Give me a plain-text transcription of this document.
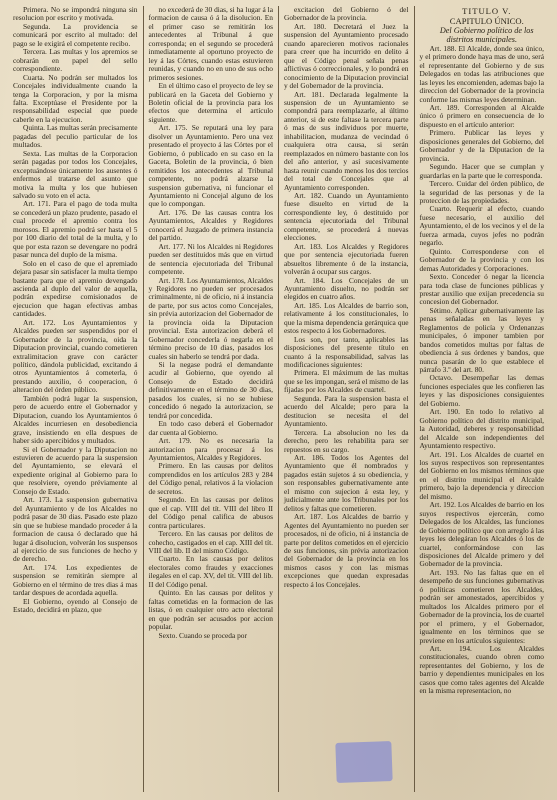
Primera. No se impondrá ninguna sin resolucion por escrito y motivada.

Segunda. La providencia se comunicará por escrito al multado: del pago se le exigirá el competente recibo.

Tercera. Las multas y los apremios se cobrarán en papel del sello correspondiente.

Cuarta. No podrán ser multados los Concejales individualmente cuando la tenga la Corporacion, y por la misma falta. Exceptúase el Presidente por la responsabilidad especial que puede caberle en la ejecucion.

Quinta. Las multas serán precisamente pagadas del peculio particular de los multados.

Sexta. Las multas de la Corporacion serán pagadas por todos los Concejales, exceptuándose únicamente los ausentes ó enfermos al tratarse del asunto que motiva la multa y los que hubiesen salvado su voto en el acta.

Art. 171. Para el pago de toda multa se concederá un plazo prudente, pasado el cual procede el apremio contra los morosos. El apremio podrá ser hasta el 5 por 100 diario del total de la multa, y lo que por esta razon se devengare no podrá pasar nunca del duplo de la misma.

Solo en el caso de que el apremiado dejara pasar sin satisfacer la multa tiempo bastante para que el apremio devengado ascienda al duplo del valor de aquella, podrán expedirse comisionados de ejecucion que hagan efectivas ambas cantidades.

Art. 172. Los Ayuntamientos y Alcaldes pueden ser suspendidos por el Gobernador de la provincia, oida la Diputacion provincial, cuando cometieren extralimitacion grave con carácter político, dándola publicidad, excitando á otros Ayuntamientos á cometerla, ó prestando auxilio, ó cooperacion, ó alteracion del órden público.

También podrá lugar la suspension, pero de acuerdo entre el Gobernador y Diputacion, cuando los Ayuntamientos ó Alcaldes incurriesen en desobediencia grave, insistiendo en ella despues de haber sido apercibidos y multados.

Si el Gobernador y la Diputacion no estuvieren de acuerdo para la suspension del Ayuntamiento, se elevará el expediente original al Gobierno para lo que resolviere, oyendo préviamente al Consejo de Estado.

Art. 173. La suspension gubernativa del Ayuntamiento y de los Alcaldes no podrá pasar de 30 dias. Pasado este plazo sin que se hubiese mandado proceder á la formacion de causa ó declarado que há lugar á disolucion, volverán los suspensos al ejercicio de sus funciones de hecho y de derecho.

Art. 174. Los expedientes de suspension se remitirán siempre al Gobierno en el término de tres dias á mas tardar despues de acordada aquella.

El Gobierno, oyendo al Consejo de Estado, decidirá en plazo, que

no excederá de 30 dias, si ha lugar á la formacion de causa ó á la disolucion. En el primer caso se remitirán los antecedentes al Tribunal á que corresponda; en el segundo se procederá inmediatamente al oportuno proyecto de ley á las Córtes, cuando estas estuvieren reunidas, y cuando no en uno de sus ocho primeros sesiones.

En el último caso el proyecto de ley se publicará en la Gaceta del Gobierno y Boletin oficial de la provincia para los efectos que determina el artículo siguiente.

Art. 175. Se reputará una ley para disolver un Ayuntamiento. Pero una vez presentado el proyecto á las Córtes por el Gobierno, ó publicado en su caso en la Gaceta, Boletin de la provincia, ó bien remitidos los antecedentes al Tribunal competente, no podrá alzarse la suspension gubernativa, ni funcionar el Ayuntamiento ni Concejal alguno de los que lo compongan.

Art. 176. De las causas contra los Ayuntamientos, Alcaldes y Regidores conocerá el Juzgado de primera instancia del partido.

Art. 177. Ni los Alcaldes ni Regidores pueden ser destituidos más que en virtud de sentencia ejecutoriada del Tribunal competente.

Art. 178. Los Ayuntamientos, Alcaldes y Regidores no pueden ser procesados criminalmente, ni de oficio, ni á instancia de parte, por sus actos como Concejales, sin prévia autorizacion del Gobernador de la provincia oida la Diputacion provincial. Esta autorizacion deberá el Gobernador concederla ó negarla en el término preciso de 10 dias, pasados los cuales sin haberlo se tendrá por dada.

Si la negase podrá el demandante acudir al Gobierno, que oyendo al Consejo de Estado decidirá definitivamente en el término de 30 dias, pasados los cuales, si no se hubiese concedido ó negado la autorizacion, se tendrá por concedida.

En todo caso deberá el Gobernador dar cuenta al Gobierno.

Art. 179. No es necesaria la autorizacion para procesar á los Ayuntamientos, Alcaldes y Regidores.

Primero. En las causas por delitos comprendidos en los artículos 283 y 284 del Código penal, relativos á la violacion de secretos.

Segundo. En las causas por delitos que el cap. VIII del tít. VIII del libro II del Código penal califica de abusos contra particulares.

Tercero. En las causas por delitos de cohecho, castigados en el cap. XIII del tít. VIII del lib. II del mismo Código.

Cuarto. En las causas por delitos electorales como fraudes y exacciones ilegales en el cap. XV, del tít. VIII del lib. II del Código penal.

Quinto. En las causas por delitos y faltas cometidas en la formacion de las listas, ó en cualquier otro acto electoral en que podrán ser acusados por accion popular.

Sexto. Cuando se proceda por

excitacion del Gobierno ó del Gobernador de la provincia.

Art. 180. Decretará el Juez la suspension del Ayuntamiento procesado cuando aparecieren motivos racionales para creer que ha incurrido en delito á que el Código penal señala penas aflictivas ó correccionales, y lo pondrá en conocimiento de la Diputacion provincial y del Gobernador de la provincia.

Art. 181. Declarada legalmente la suspension de un Ayuntamiento se compondrá para reemplazarle, al último anterior, si de este faltase la tercera parte ó mas de sus individuos por muerte, inhabilitacion, mudanza de vecindad ó cualquiera otra causa, si serán reemplazados en número bastante con los del año anterior, y así sucesivamente hasta reunir cuando menos los dos tercios del total de Concejales que al Ayuntamiento corresponden.

Art. 182. Cuando un Ayuntamiento fuese disuelto en virtud de la correspondiente ley, ó destituido por sentencia ejecutoriada del Tribunal competente, se procederá á nuevas elecciones.

Art. 183. Los Alcaldes y Regidores que por sentencia ejecutoriada fueren absueltos libremente ó de la instancia, volverán á ocupar sus cargos.

Art. 184. Los Concejales de un Ayuntamiento disuelto, no podrán ser elegidos en cuatro años.

Art. 185. Los Alcaldes de barrio son, relativamente á los constitucionales, lo que la misma dependencia gerárquica que estos respecto á los Gobernadores.

Los son, por tanto, aplicables las disposiciones del presente título en cuanto á la responsabilidad, salvas las modificaciones siguientes:

Primera. El máximum de las multas que se les impongan, será el mismo de las fijadas por los Alcaldes de cuartel.

Segunda. Para la suspension basta el acuerdo del Alcalde; pero para la destitucion se necesita el del Ayuntamiento.

Tercera. La absolucion no les da derecho, pero les rehabilita para ser repuestos en su cargo.

Art. 186. Todos los Agentes del Ayuntamiento que él nombrados y pagados están sujetos á su obediencia, y son responsables gubernativamente ante el mismo con sujecion á esta ley, y judicialmente ante los Tribunales por los delitos y faltas que cometieren.

Art. 187. Los Alcaldes de barrio y Agentes del Ayuntamiento no pueden ser procesados, ni de oficio, ni á instancia de parte por delitos cometidos en el ejercicio de sus funciones, sin prévia autorizacion del Gobernador de la provincia en los mismos casos y con las mismas excepciones que quedan expresadas respecto á los Concejales.

TITULO V.

CAPITULO ÚNICO.

Del Gobierno político de los distritos municipales.

Art. 188. El Alcalde, donde sea único, y el primero donde haya mas de uno, será el representante del Gobierno y de sus Delegados en todas las atribuciones que las leyes les encomienden, ademas bajo la direccion del Gobernador de la provincia conforme las mismas leyes determinan.

Art. 189. Corresponden al Alcalde único ó primero en consecuencia de lo dispuesto en el artículo anterior:

Primero. Publicar las leyes y disposiciones generales del Gobierno, del Gobernador y de la Diputacion de la provincia.

Segundo. Hacer que se cumplan y guardarlas en la parte que le corresponda.

Tercero. Cuidar del órden público, de la seguridad de las personas y de la proteccion de las propiedades.

Cuarto. Requerir al efecto, cuando fuese necesario, el auxilio del Ayuntamiento, el de los vecinos y el de la fuerza armada, cuyos jefes no podrán negarlo.

Quinto. Corresponderse con el Gobernador de la provincia y con los demas Autoridades y Corporaciones.

Sexto. Conceder ó negar la licencia para toda clase de funciones públicas y prestar auxilio que exijan precedencia su concesion del Gobernador.

Sétimo. Aplicar gubernativamente las penas señaladas en las leyes y Reglamentos de policía y Ordenanzas municipales, ó imponer tambien por bandos cometidos multas por faltas de obediencia á sus órdenes y bandos, que nunca pasarán de lo que establece el párrafo 3.º del art. 80.

Octavo. Desempeñar las demas funciones especiales que les confieren las leyes y las disposiciones consiguientes del Gobierno.

Art. 190. En todo lo relativo al Gobierno político del distrito municipal, la Autoridad, deberes y responsabilidad del Alcalde son independientes del Ayuntamiento respectivo.

Art. 191. Los Alcaldes de cuartel en los suyos respectivos son representantes del Gobierno en los mismos términos que en el distrito municipal el Alcalde primero, bajo la dependencia y direccion del mismo.

Art. 192. Los Alcaldes de barrio en los suyos respectivos ejercerán, como Delegados de los Alcaldes, las funciones de Gobierno político que con arreglo á las leyes les delegáran los Alcaldes ó los de cuartel, conformándose con las disposiciones del Alcalde primero y del Gobernador de la provincia.

Art. 193. No las faltas que en el desempeño de sus funciones gubernativas ó políticas cometieren los Alcaldes, podrán ser amonestados, apercibidos y multados los Alcaldes primero por el Gobernador de la provincia, los de cuartel por el primero, y el Gobernador, igualmente en los términos que se previene en los artículos siguientes:

Art. 194. Los Alcaldes constitucionales, cuando obren como representantes del Gobierno, y los de barrio y dependientes municipales en los casos que como tales agentes del Alcalde en la misma representacion, no
